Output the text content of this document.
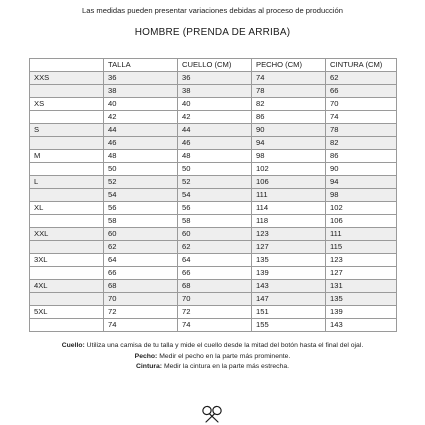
Las medidas pueden presentar variaciones debidas al proceso de producción
HOMBRE (PRENDA DE ARRIBA)
	TALLA	CUELLO (CM)	PECHO (CM)	CINTURA (CM)
XXS	36	36	74	62
	38	38	78	66
XS	40	40	82	70
	42	42	86	74
S	44	44	90	78
	46	46	94	82
M	48	48	98	86
	50	50	102	90
L	52	52	106	94
	54	54	111	98
XL	56	56	114	102
	58	58	118	106
XXL	60	60	123	111
	62	62	127	115
3XL	64	64	135	123
	66	66	139	127
4XL	68	68	143	131
	70	70	147	135
5XL	72	72	151	139
	74	74	155	143
Cuello: Utiliza una camisa de tu talla y mide el cuello desde la mitad del botón hasta el final del ojal.
Pecho: Medir el pecho en la parte más prominente.
Cintura: Medir la cintura en la parte más estrecha.
